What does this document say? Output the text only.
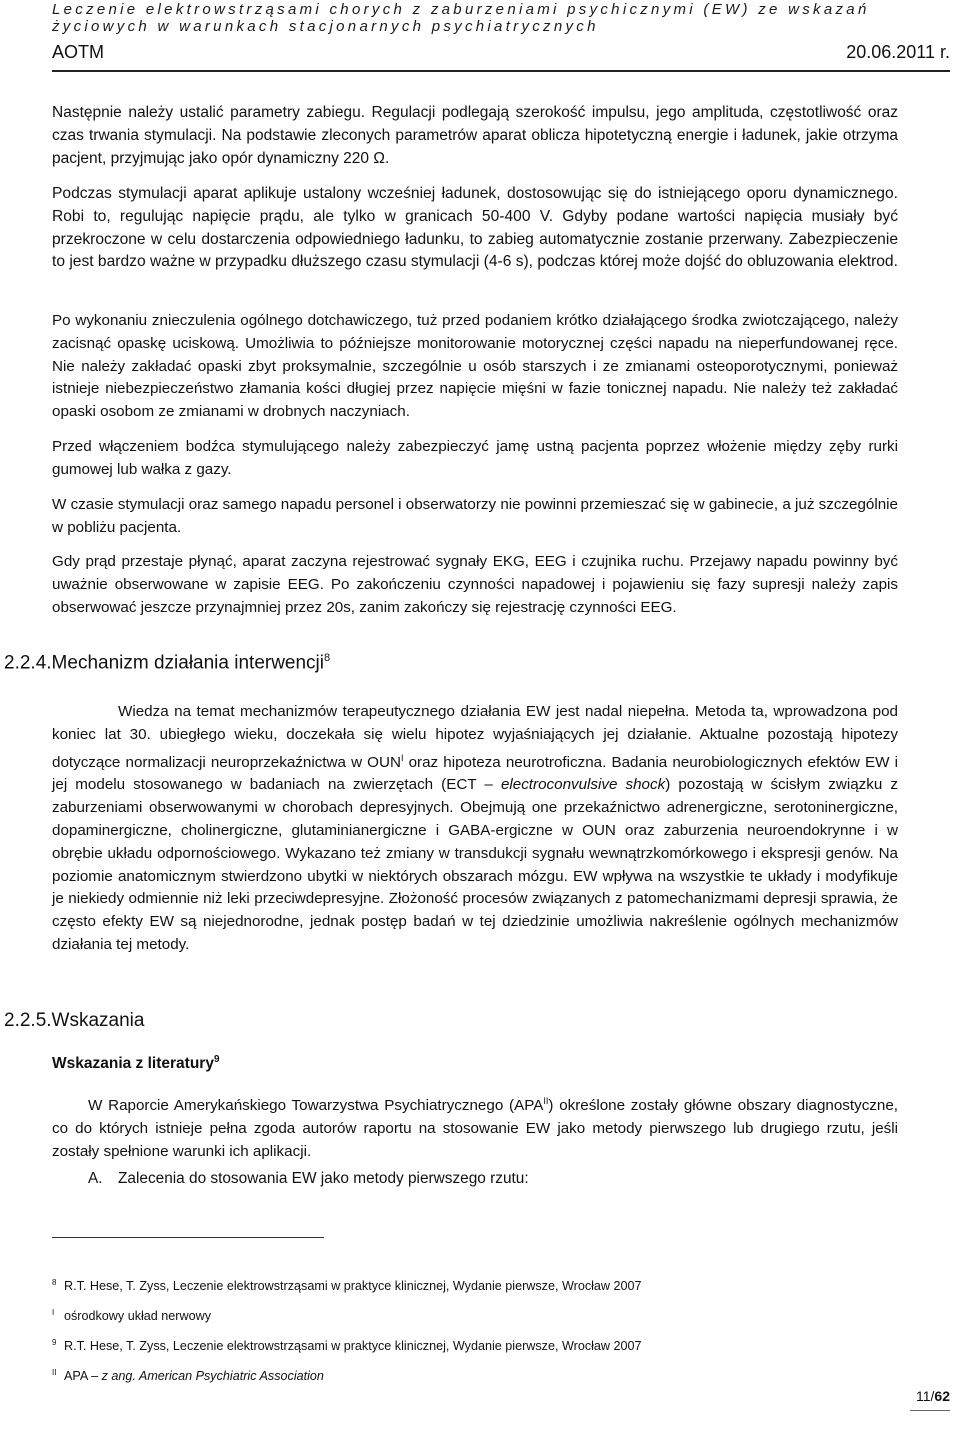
Leczenie elektrowstrząsami chorych z zaburzeniami psychicznymi (EW) ze wskazań
życiowych w warunkach stacjonarnych psychiatrycznych
AOTM	20.06.2011 r.
Następnie należy ustalić parametry zabiegu. Regulacji podlegają szerokość impulsu, jego amplituda, częstotliwość oraz czas trwania stymulacji. Na podstawie zleconych parametrów aparat oblicza hipotetyczną energie i ładunek, jakie otrzyma pacjent, przyjmując jako opór dynamiczny 220 Ω.
Podczas stymulacji aparat aplikuje ustalony wcześniej ładunek, dostosowując się do istniejącego oporu dynamicznego. Robi to, regulując napięcie prądu, ale tylko w granicach 50-400 V. Gdyby podane wartości napięcia musiały być przekroczone w celu dostarczenia odpowiedniego ładunku, to zabieg automatycznie zostanie przerwany. Zabezpieczenie to jest bardzo ważne w przypadku dłuższego czasu stymulacji (4-6 s), podczas której może dojść do obluzowania elektrod.
Po wykonaniu znieczulenia ogólnego dotchawiczego, tuż przed podaniem krótko działającego środka zwiotczającego, należy zacisnąć opaskę uciskową. Umożliwia to późniejsze monitorowanie motorycznej części napadu na nieperfundowanej ręce. Nie należy zakładać opaski zbyt proksymalnie, szczególnie u osób starszych i ze zmianami osteoporotycznymi, ponieważ istnieje niebezpieczeństwo złamania kości długiej przez napięcie mięśni w fazie tonicznej napadu. Nie należy też zakładać opaski osobom ze zmianami w drobnych naczyniach.
Przed włączeniem bodźca stymulującego należy zabezpieczyć jamę ustną pacjenta poprzez włożenie między zęby rurki gumowej lub wałka z gazy.
W czasie stymulacji oraz samego napadu personel i obserwatorzy nie powinni przemieszać się w gabinecie, a już szczególnie w pobliżu pacjenta.
Gdy prąd przestaje płynąć, aparat zaczyna rejestrować sygnały EKG, EEG i czujnika ruchu. Przejawy napadu powinny być uważnie obserwowane w zapisie EEG. Po zakończeniu czynności napadowej i pojawieniu się fazy supresji należy zapis obserwować jeszcze przynajmniej przez 20s, zanim zakończy się rejestrację czynności EEG.
2.2.4.Mechanizm działania interwencji$^8$
Wiedza na temat mechanizmów terapeutycznego działania EW jest nadal niepełna. Metoda ta, wprowadzona pod koniec lat 30. ubiegłego wieku, doczekała się wielu hipotez wyjaśniających jej działanie. Aktualne pozostają hipotezy dotyczące normalizacji neuroprzekaźnictwa w $OUN^I$ oraz hipoteza neurotroficzna. Badania neurobiologicznych efektów EW i jej modelu stosowanego w badaniach na zwierzętach (ECT – electroconvulsive shock) pozostają w ścisłym związku z zaburzeniami obserwowanymi w chorobach depresyjnych. Obejmują one przekaźnictwo adrenergiczne, serotoninergiczne, dopaminergiczne, cholinergiczne, glutaminianergiczne i GABA-ergiczne w OUN oraz zaburzenia neuroendokrynne i w obrębie układu odpornościowego. Wykazano też zmiany w transdukcji sygnału wewnątrzkomórkowego i ekspresji genów. Na poziomie anatomicznym stwierdzono ubytki w niektórych obszarach mózgu. EW wpływa na wszystkie te układy i modyfikuje je niekiedy odmiennie niż leki przeciwdepresyjne. Złożoność procesów związanych z patomechanizmami depresji sprawia, że często efekty EW są niejednorodne, jednak postęp badań w tej dziedzinie umożliwia nakreślenie ogólnych mechanizmów działania tej metody.
2.2.5.Wskazania
Wskazania z literatury$^9$
W Raporcie Amerykańskiego Towarzystwa Psychiatrycznego $(APA^{II})$ określone zostały główne obszary diagnostyczne, co do których istnieje pełna zgoda autorów raportu na stosowanie EW jako metody pierwszego lub drugiego rzutu, jeśli zostały spełnione warunki ich aplikacji.
A. Zalecenia do stosowania EW jako metody pierwszego rzutu:
8 R.T. Hese, T. Zyss, Leczenie elektrowstrząsami w praktyce klinicznej, Wydanie pierwsze, Wrocław 2007
I ośrodkowy układ nerwowy
9 R.T. Hese, T. Zyss, Leczenie elektrowstrząsami w praktyce klinicznej, Wydanie pierwsze, Wrocław 2007
II APA – z ang. American Psychiatric Association
11/62
